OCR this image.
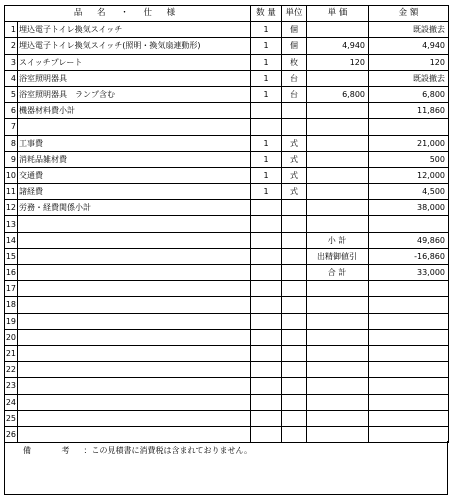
品 名 ・ 仕 様		数 量	単位	単 価	金 額
1	埋込電子トイレ換気スイッチ	1	個		既設撤去
2	埋込電子トイレ換気スイッチ(照明・換気扇連動形)	1	個	4,940	4,940
3	スイッチプレート	1	枚	120	120
4	浴室照明器具	1	台		既設撤去
5	浴室照明器具　ランプ含む	1	台	6,800	6,800
6	機器材料費小計				11,860
7					
8	工事費	1	式		21,000
9	消耗品雑材費	1	式		500
10	交通費	1	式		12,000
11	諸経費	1	式		4,500
12	労務・経費関係小計				38,000
13					
14				小 計	49,860
15				出精御値引	-16,860
16				合 計	33,000
17					
18					
19					
20					
21					
22					
23					
24					
25					
26					
備 考：この見積書に消費税は含まれておりません。
